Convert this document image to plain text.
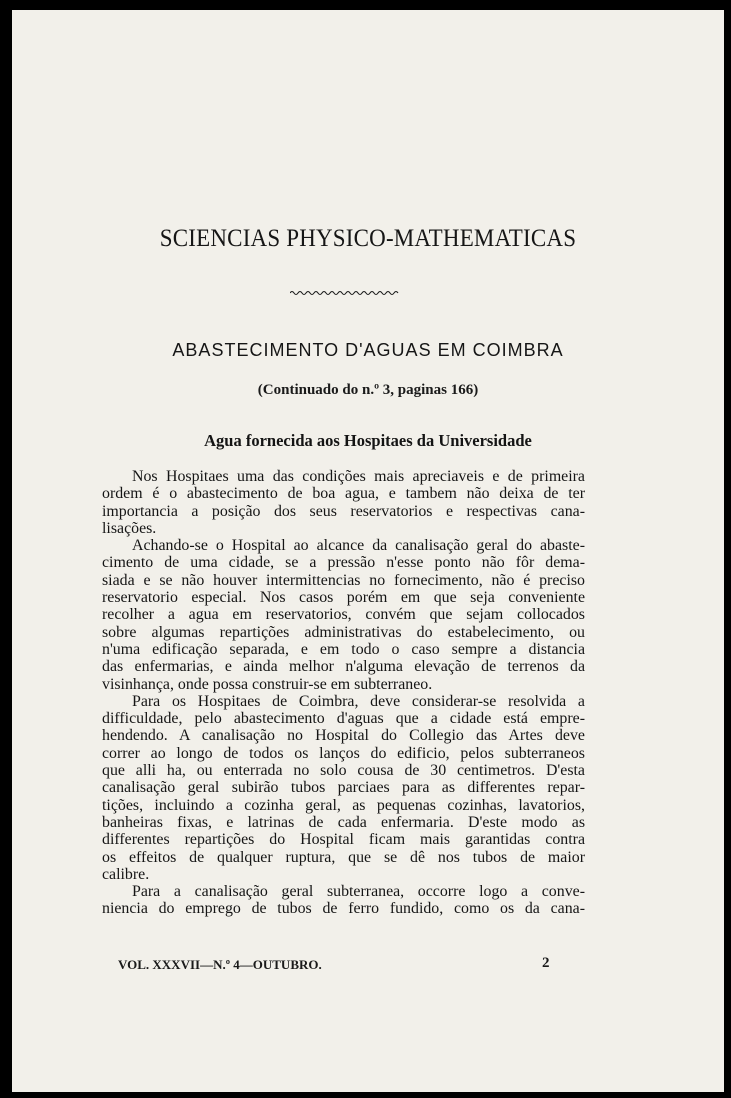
SCIENCIAS PHYSICO-MATHEMATICAS
ABASTECIMENTO D'AGUAS EM COIMBRA
(Continuado do n.º 3, paginas 166)
Agua fornecida aos Hospitaes da Universidade
Nos Hospitaes uma das condições mais apreciaveis e de primeira
ordem é o abastecimento de boa agua, e tambem não deixa de ter
importancia a posição dos seus reservatorios e respectivas cana-
lisações.
Achando-se o Hospital ao alcance da canalisação geral do abaste-
cimento de uma cidade, se a pressão n'esse ponto não fôr dema-
siada e se não houver intermittencias no fornecimento, não é preciso
reservatorio especial. Nos casos porém em que seja conveniente
recolher a agua em reservatorios, convém que sejam collocados
sobre algumas repartições administrativas do estabelecimento, ou
n'uma edificação separada, e em todo o caso sempre a distancia
das enfermarias, e ainda melhor n'alguma elevação de terrenos da
visinhança, onde possa construir-se em subterraneo.
Para os Hospitaes de Coimbra, deve considerar-se resolvida a
difficuldade, pelo abastecimento d'aguas que a cidade está empre-
hendendo. A canalisação no Hospital do Collegio das Artes deve
correr ao longo de todos os lanços do edificio, pelos subterraneos
que alli ha, ou enterrada no solo cousa de 30 centimetros. D'esta
canalisação geral subirão tubos parciaes para as differentes repar-
tições, incluindo a cozinha geral, as pequenas cozinhas, lavatorios,
banheiras fixas, e latrinas de cada enfermaria. D'este modo as
differentes repartições do Hospital ficam mais garantidas contra
os effeitos de qualquer ruptura, que se dê nos tubos de maior
calibre.
Para a canalisação geral subterranea, occorre logo a conve-
niencia do emprego de tubos de ferro fundido, como os da cana-
VOL. XXXVII—N.º 4—OUTUBRO.	2
